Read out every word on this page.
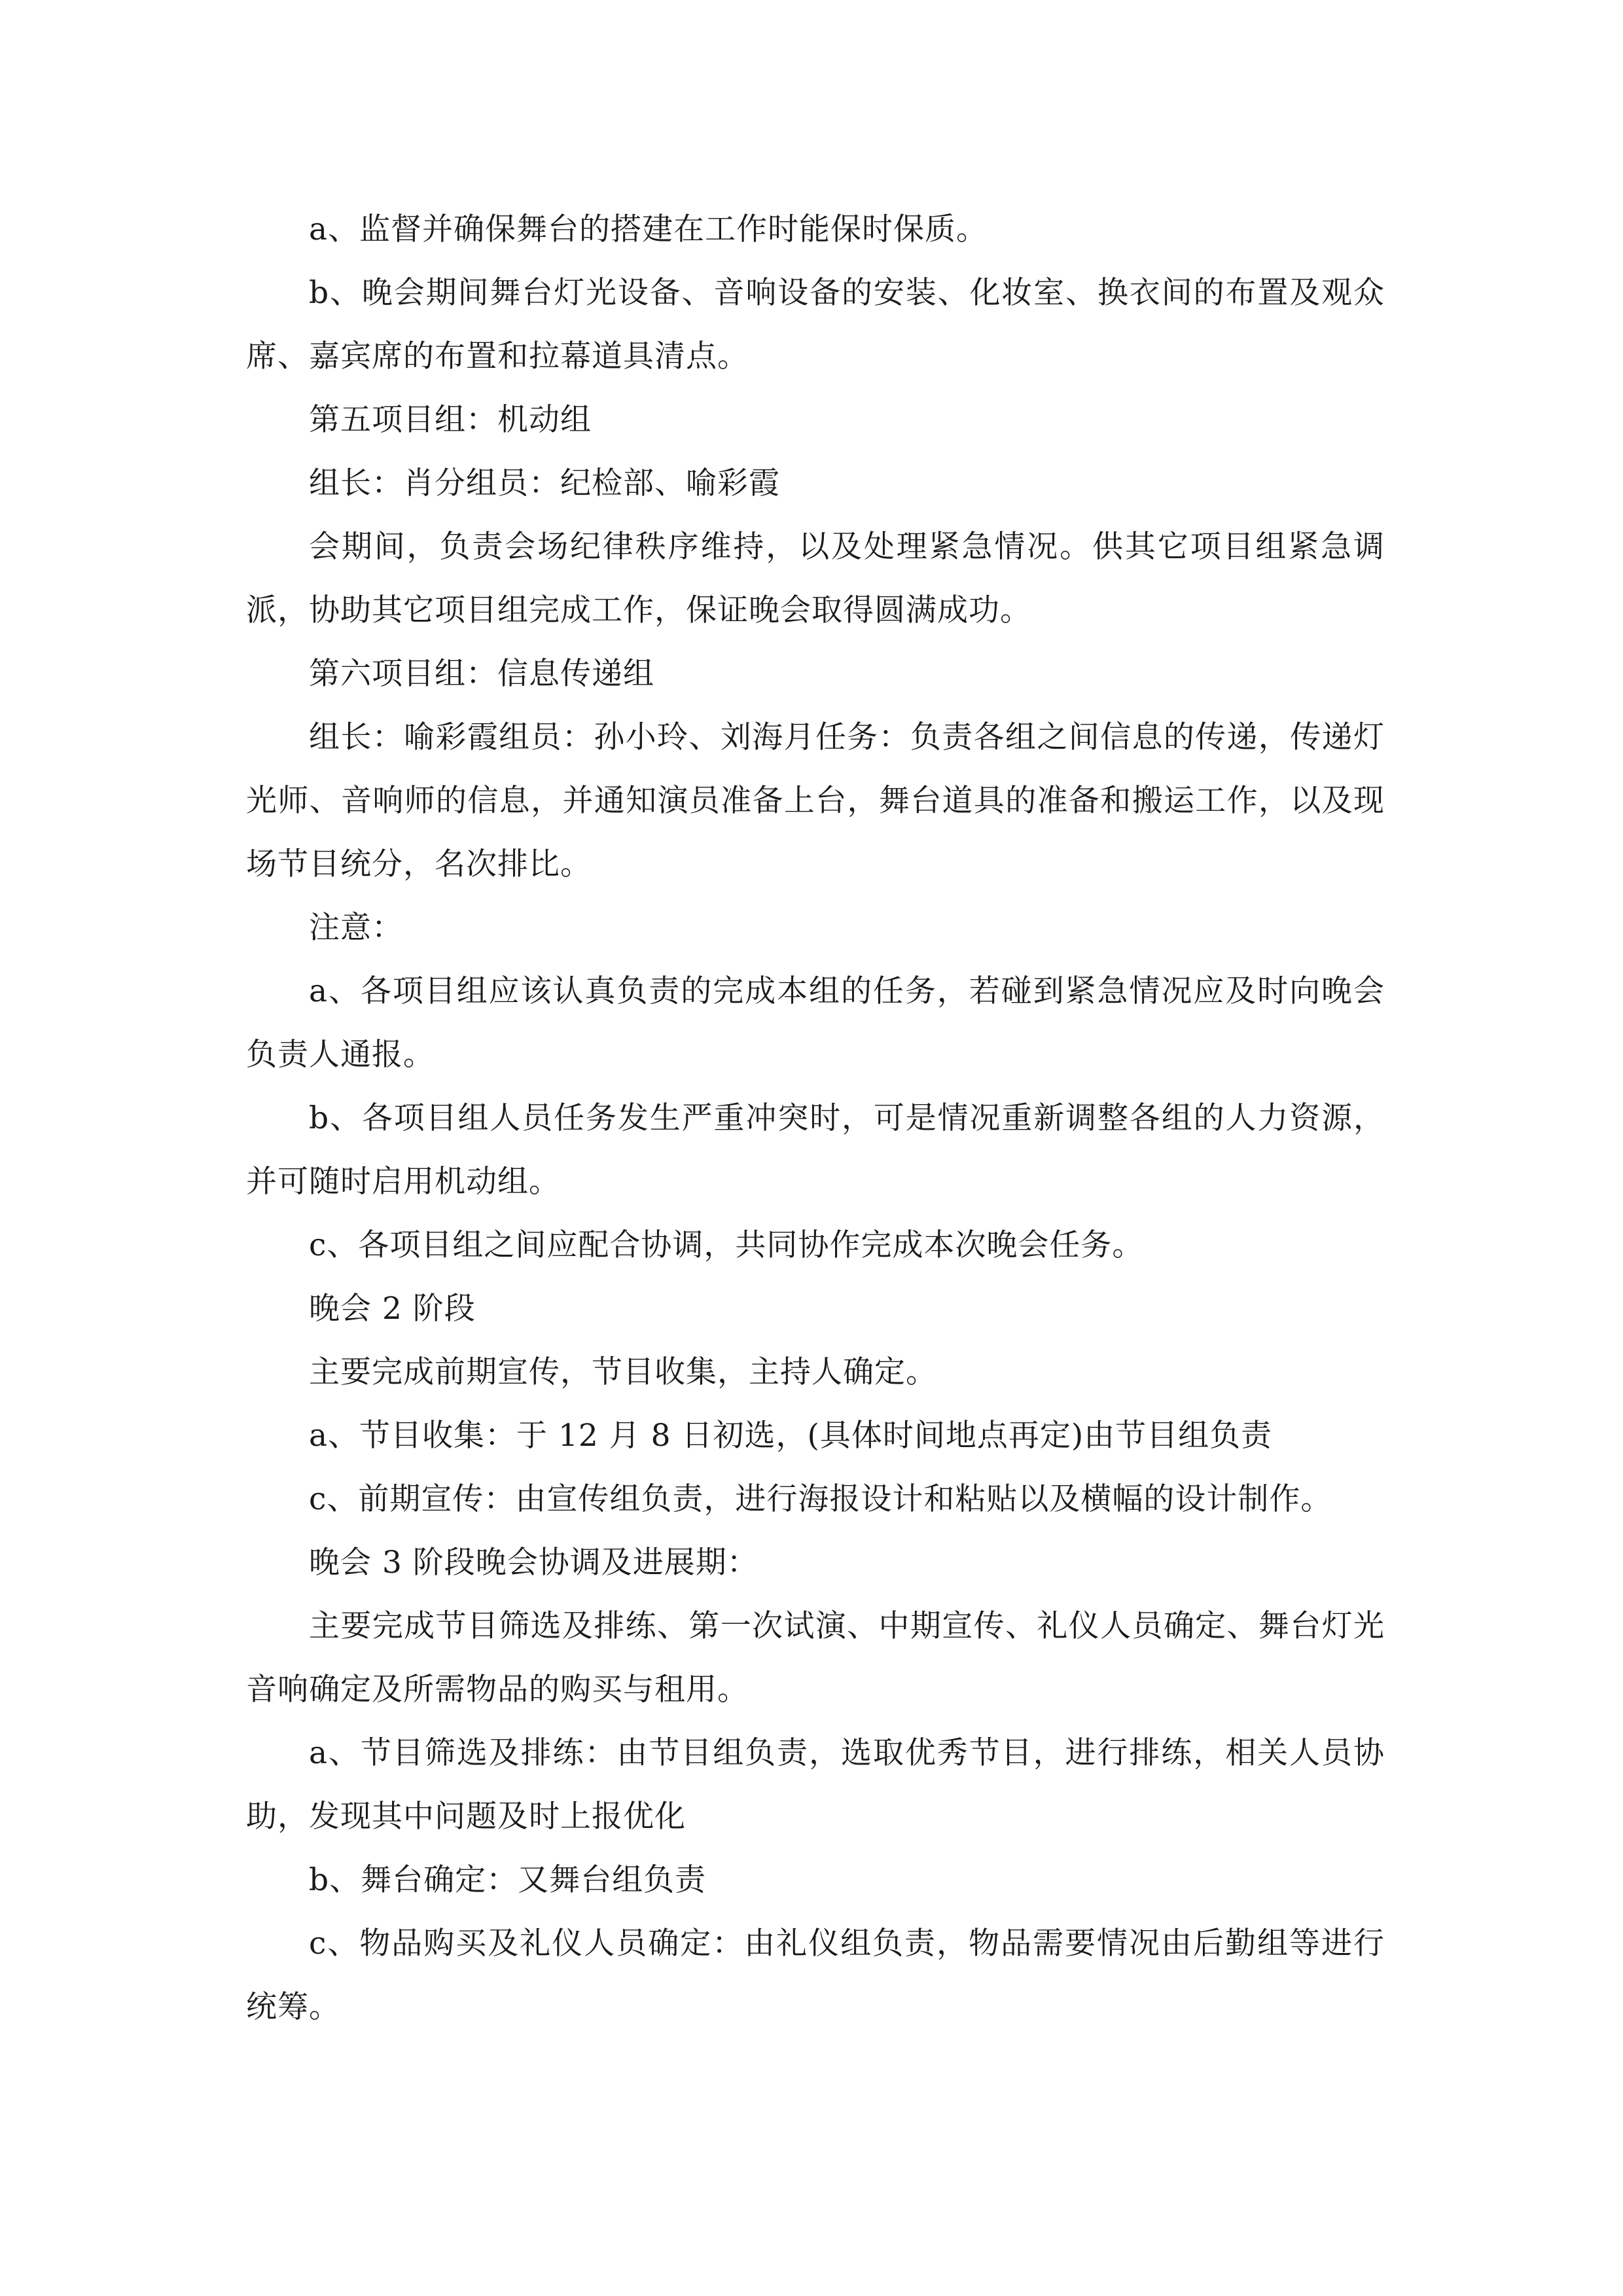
a、监督并确保舞台的搭建在工作时能保时保质。

b、晚会期间舞台灯光设备、音响设备的安装、化妆室、换衣间的布置及观众席、嘉宾席的布置和拉幕道具清点。

第五项目组：机动组

组长：肖分组员：纪检部、喻彩霞

会期间，负责会场纪律秩序维持，以及处理紧急情况。供其它项目组紧急调派，协助其它项目组完成工作，保证晚会取得圆满成功。

第六项目组：信息传递组

组长：喻彩霞组员：孙小玲、刘海月任务：负责各组之间信息的传递，传递灯光师、音响师的信息，并通知演员准备上台，舞台道具的准备和搬运工作，以及现场节目统分，名次排比。

注意：

a、各项目组应该认真负责的完成本组的任务，若碰到紧急情况应及时向晚会负责人通报。

b、各项目组人员任务发生严重冲突时，可是情况重新调整各组的人力资源，并可随时启用机动组。

c、各项目组之间应配合协调，共同协作完成本次晚会任务。

晚会 2 阶段

主要完成前期宣传，节目收集，主持人确定。

a、节目收集：于 12 月 8 日初选，(具体时间地点再定)由节目组负责

c、前期宣传：由宣传组负责，进行海报设计和粘贴以及横幅的设计制作。

晚会 3 阶段晚会协调及进展期：

主要完成节目筛选及排练、第一次试演、中期宣传、礼仪人员确定、舞台灯光音响确定及所需物品的购买与租用。

a、节目筛选及排练：由节目组负责，选取优秀节目，进行排练，相关人员协助，发现其中问题及时上报优化

b、舞台确定：又舞台组负责

c、物品购买及礼仪人员确定：由礼仪组负责，物品需要情况由后勤组等进行统筹。
